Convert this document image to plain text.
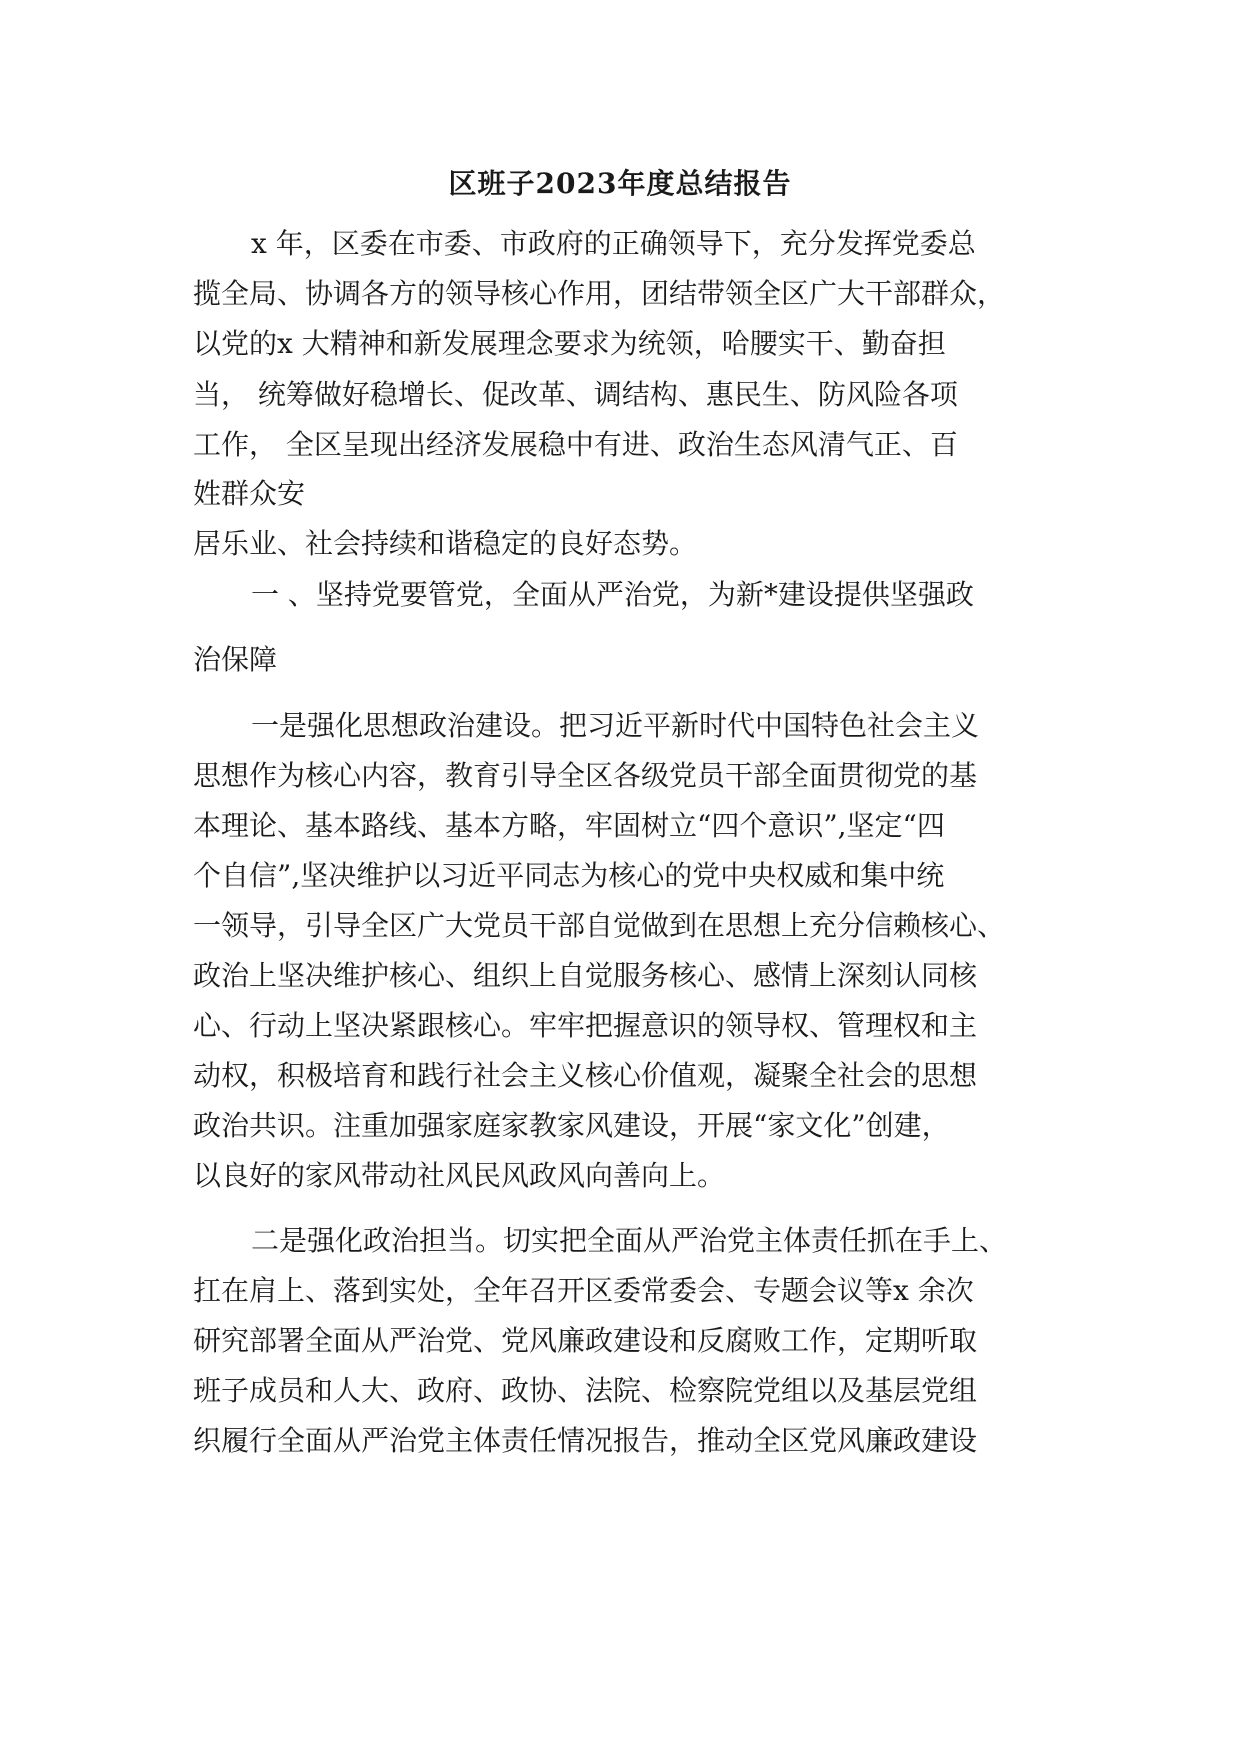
区班子2023年度总结报告

x 年，区委在市委、市政府的正确领导下，充分发挥党委总

揽全局、协调各方的领导核心作用，团结带领全区广大干部群众，

以党的x 大精神和新发展理念要求为统领，哈腰实干、勤奋担

当， 统筹做好稳增长、促改革、调结构、惠民生、防风险各项

工作， 全区呈现出经济发展稳中有进、政治生态风清气正、百

姓群众安

居乐业、社会持续和谐稳定的良好态势。

一 、坚持党要管党，全面从严治党，为新*建设提供坚强政

治保障

一是强化思想政治建设。把习近平新时代中国特色社会主义

思想作为核心内容，教育引导全区各级党员干部全面贯彻党的基

本理论、基本路线、基本方略，牢固树立“四个意识”,坚定“四

个自信”,坚决维护以习近平同志为核心的党中央权威和集中统

一领导，引导全区广大党员干部自觉做到在思想上充分信赖核心、

政治上坚决维护核心、组织上自觉服务核心、感情上深刻认同核

心、行动上坚决紧跟核心。牢牢把握意识的领导权、管理权和主

动权，积极培育和践行社会主义核心价值观，凝聚全社会的思想

政治共识。注重加强家庭家教家风建设，开展“家文化”创建，

以良好的家风带动社风民风政风向善向上。

二是强化政治担当。切实把全面从严治党主体责任抓在手上、

扛在肩上、落到实处，全年召开区委常委会、专题会议等x 余次

研究部署全面从严治党、党风廉政建设和反腐败工作，定期听取

班子成员和人大、政府、政协、法院、检察院党组以及基层党组

织履行全面从严治党主体责任情况报告，推动全区党风廉政建设
